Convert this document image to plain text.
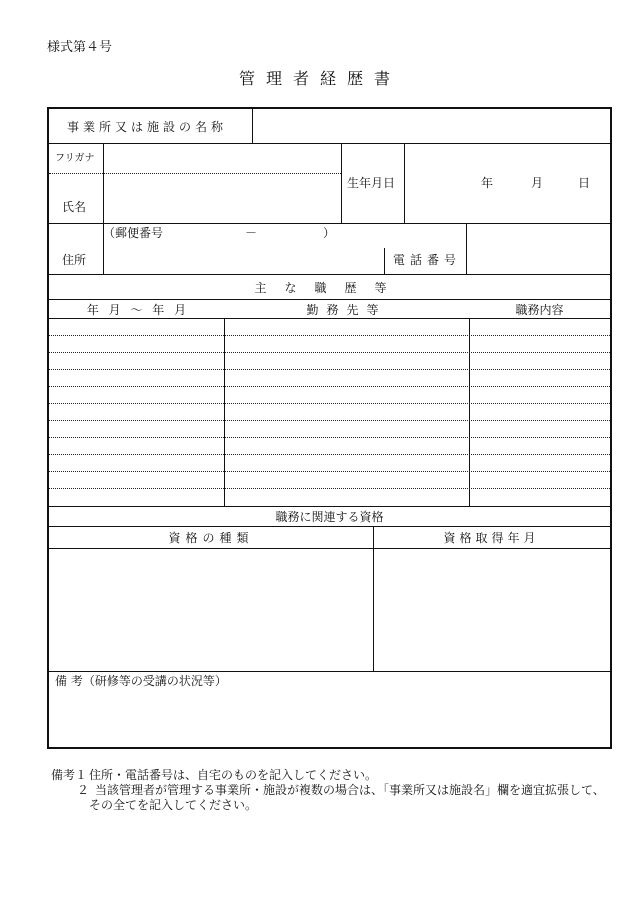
様式第４号
管理者経歴書
事業所又は施設の名称
フリガナ
氏名
生年月日	年	月	日
（郵便番号	－	）
住所	電話番号
主な職歴等
年 月 ～ 年 月	勤務先等	職務内容
職務に関連する資格
資格の種類	資格取得年月
備 考（研修等の受講の状況等）
備考１ 住所・電話番号は、自宅のものを記入してください。
２ 当該管理者が管理する事業所・施設が複数の場合は、「事業所又は施設名」欄を適宜拡張して、
その全てを記入してください。
